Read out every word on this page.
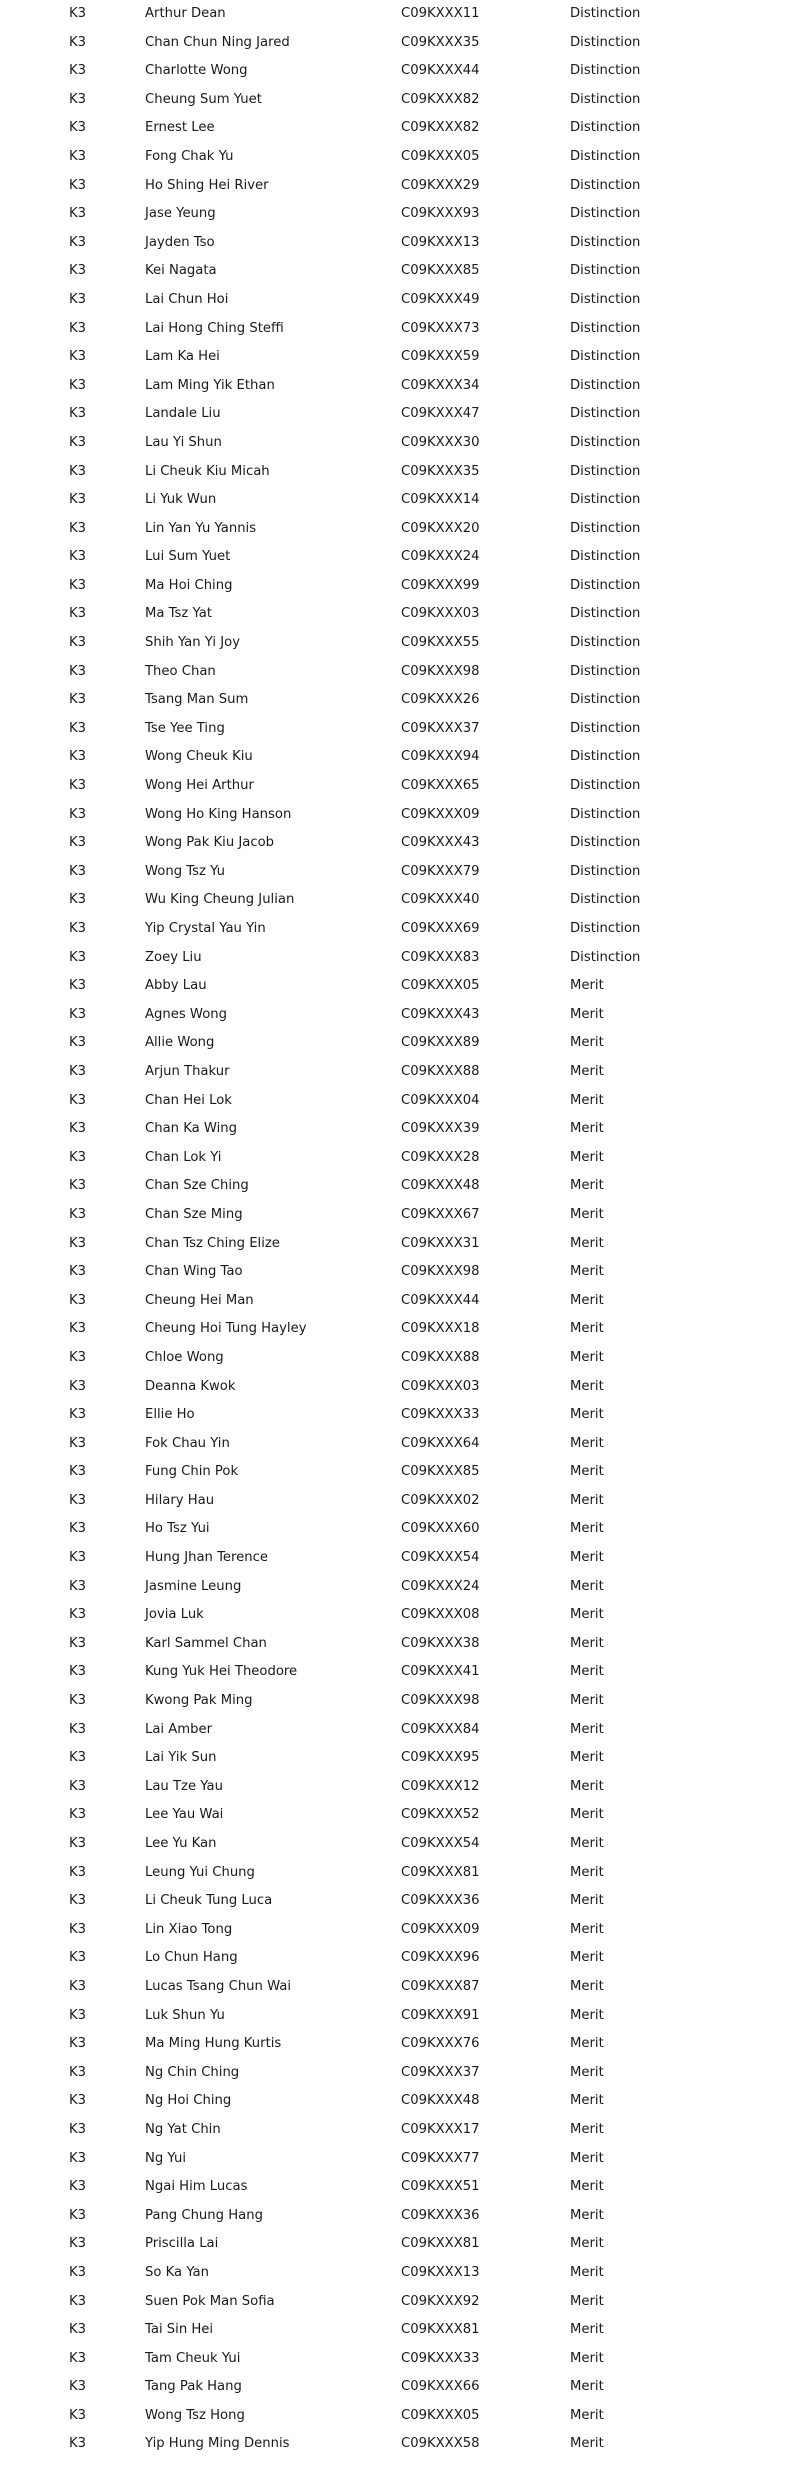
K3	Arthur Dean	C09KXXX11	Distinction
K3	Chan Chun Ning Jared	C09KXXX35	Distinction
K3	Charlotte Wong	C09KXXX44	Distinction
K3	Cheung Sum Yuet	C09KXXX82	Distinction
K3	Ernest Lee	C09KXXX82	Distinction
K3	Fong Chak Yu	C09KXXX05	Distinction
K3	Ho Shing Hei River	C09KXXX29	Distinction
K3	Jase Yeung	C09KXXX93	Distinction
K3	Jayden Tso	C09KXXX13	Distinction
K3	Kei Nagata	C09KXXX85	Distinction
K3	Lai Chun Hoi	C09KXXX49	Distinction
K3	Lai Hong Ching Steffi	C09KXXX73	Distinction
K3	Lam Ka Hei	C09KXXX59	Distinction
K3	Lam Ming Yik Ethan	C09KXXX34	Distinction
K3	Landale Liu	C09KXXX47	Distinction
K3	Lau Yi Shun	C09KXXX30	Distinction
K3	Li Cheuk Kiu Micah	C09KXXX35	Distinction
K3	Li Yuk Wun	C09KXXX14	Distinction
K3	Lin Yan Yu Yannis	C09KXXX20	Distinction
K3	Lui Sum Yuet	C09KXXX24	Distinction
K3	Ma Hoi Ching	C09KXXX99	Distinction
K3	Ma Tsz Yat	C09KXXX03	Distinction
K3	Shih Yan Yi Joy	C09KXXX55	Distinction
K3	Theo Chan	C09KXXX98	Distinction
K3	Tsang Man Sum	C09KXXX26	Distinction
K3	Tse Yee Ting	C09KXXX37	Distinction
K3	Wong Cheuk Kiu	C09KXXX94	Distinction
K3	Wong Hei Arthur	C09KXXX65	Distinction
K3	Wong Ho King Hanson	C09KXXX09	Distinction
K3	Wong Pak Kiu Jacob	C09KXXX43	Distinction
K3	Wong Tsz Yu	C09KXXX79	Distinction
K3	Wu King Cheung Julian	C09KXXX40	Distinction
K3	Yip Crystal Yau Yin	C09KXXX69	Distinction
K3	Zoey Liu	C09KXXX83	Distinction
K3	Abby Lau	C09KXXX05	Merit
K3	Agnes Wong	C09KXXX43	Merit
K3	Allie Wong	C09KXXX89	Merit
K3	Arjun Thakur	C09KXXX88	Merit
K3	Chan Hei Lok	C09KXXX04	Merit
K3	Chan Ka Wing	C09KXXX39	Merit
K3	Chan Lok Yi	C09KXXX28	Merit
K3	Chan Sze Ching	C09KXXX48	Merit
K3	Chan Sze Ming	C09KXXX67	Merit
K3	Chan Tsz Ching Elize	C09KXXX31	Merit
K3	Chan Wing Tao	C09KXXX98	Merit
K3	Cheung Hei Man	C09KXXX44	Merit
K3	Cheung Hoi Tung Hayley	C09KXXX18	Merit
K3	Chloe Wong	C09KXXX88	Merit
K3	Deanna Kwok	C09KXXX03	Merit
K3	Ellie Ho	C09KXXX33	Merit
K3	Fok Chau Yin	C09KXXX64	Merit
K3	Fung Chin Pok	C09KXXX85	Merit
K3	Hilary Hau	C09KXXX02	Merit
K3	Ho Tsz Yui	C09KXXX60	Merit
K3	Hung Jhan Terence	C09KXXX54	Merit
K3	Jasmine Leung	C09KXXX24	Merit
K3	Jovia Luk	C09KXXX08	Merit
K3	Karl Sammel Chan	C09KXXX38	Merit
K3	Kung Yuk Hei Theodore	C09KXXX41	Merit
K3	Kwong Pak Ming	C09KXXX98	Merit
K3	Lai Amber	C09KXXX84	Merit
K3	Lai Yik Sun	C09KXXX95	Merit
K3	Lau Tze Yau	C09KXXX12	Merit
K3	Lee Yau Wai	C09KXXX52	Merit
K3	Lee Yu Kan	C09KXXX54	Merit
K3	Leung Yui Chung	C09KXXX81	Merit
K3	Li Cheuk Tung Luca	C09KXXX36	Merit
K3	Lin Xiao Tong	C09KXXX09	Merit
K3	Lo Chun Hang	C09KXXX96	Merit
K3	Lucas Tsang Chun Wai	C09KXXX87	Merit
K3	Luk Shun Yu	C09KXXX91	Merit
K3	Ma Ming Hung Kurtis	C09KXXX76	Merit
K3	Ng Chin Ching	C09KXXX37	Merit
K3	Ng Hoi Ching	C09KXXX48	Merit
K3	Ng Yat Chin	C09KXXX17	Merit
K3	Ng Yui	C09KXXX77	Merit
K3	Ngai Him Lucas	C09KXXX51	Merit
K3	Pang Chung Hang	C09KXXX36	Merit
K3	Priscilla Lai	C09KXXX81	Merit
K3	So Ka Yan	C09KXXX13	Merit
K3	Suen Pok Man Sofia	C09KXXX92	Merit
K3	Tai Sin Hei	C09KXXX81	Merit
K3	Tam Cheuk Yui	C09KXXX33	Merit
K3	Tang Pak Hang	C09KXXX66	Merit
K3	Wong Tsz Hong	C09KXXX05	Merit
K3	Yip Hung Ming Dennis	C09KXXX58	Merit
